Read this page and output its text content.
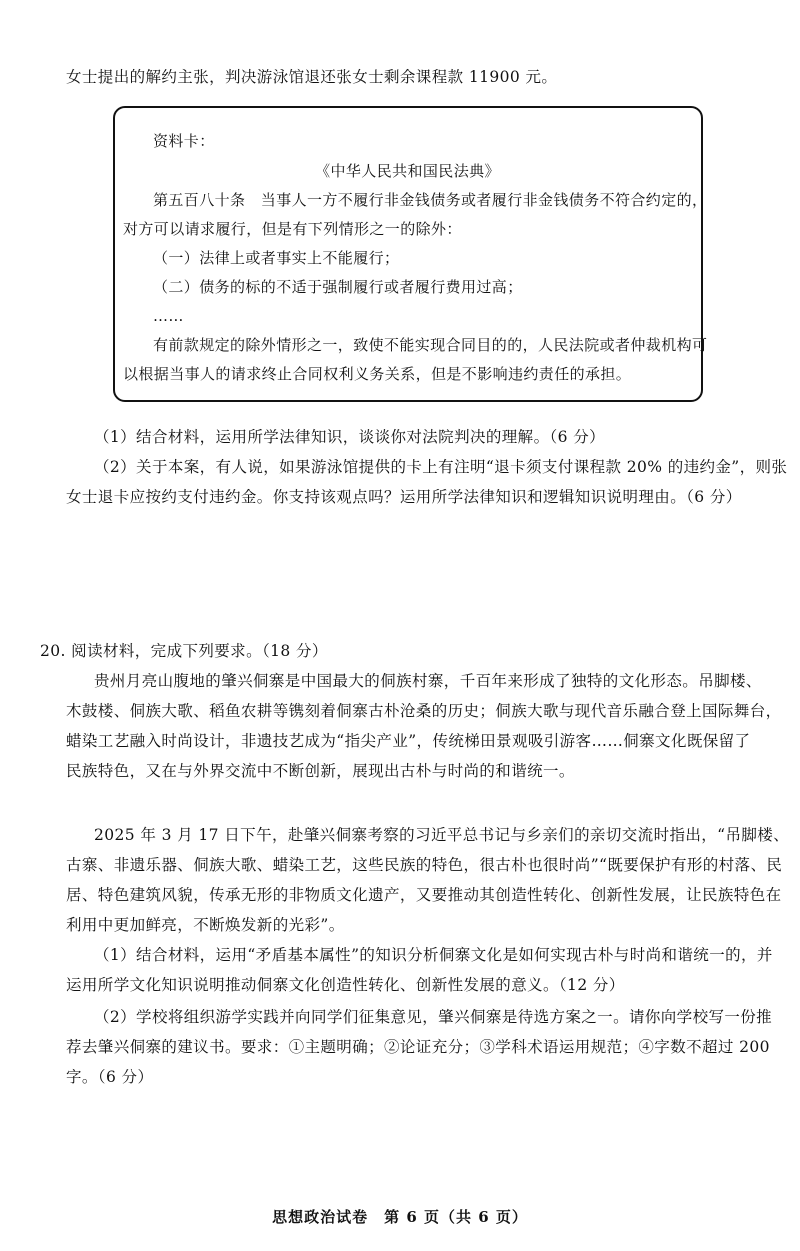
女士提出的解约主张，判决游泳馆退还张女士剩余课程款 11900 元。
资料卡：
《中华人民共和国民法典》
第五百八十条　当事人一方不履行非金钱债务或者履行非金钱债务不符合约定的，
对方可以请求履行，但是有下列情形之一的除外：
（一）法律上或者事实上不能履行；
（二）债务的标的不适于强制履行或者履行费用过高；
……
有前款规定的除外情形之一，致使不能实现合同目的的，人民法院或者仲裁机构可
以根据当事人的请求终止合同权利义务关系，但是不影响违约责任的承担。
（1）结合材料，运用所学法律知识，谈谈你对法院判决的理解。（6 分）
（2）关于本案，有人说，如果游泳馆提供的卡上有注明“退卡须支付课程款 20% 的违约金”，则张
女士退卡应按约支付违约金。你支持该观点吗？运用所学法律知识和逻辑知识说明理由。（6 分）
20. 阅读材料，完成下列要求。（18 分）
贵州月亮山腹地的肇兴侗寨是中国最大的侗族村寨，千百年来形成了独特的文化形态。吊脚楼、
木鼓楼、侗族大歌、稻鱼农耕等镌刻着侗寨古朴沧桑的历史；侗族大歌与现代音乐融合登上国际舞台，
蜡染工艺融入时尚设计，非遗技艺成为“指尖产业”，传统梯田景观吸引游客……侗寨文化既保留了
民族特色，又在与外界交流中不断创新，展现出古朴与时尚的和谐统一。
2025 年 3 月 17 日下午，赴肇兴侗寨考察的习近平总书记与乡亲们的亲切交流时指出，“吊脚楼、
古寨、非遗乐器、侗族大歌、蜡染工艺，这些民族的特色，很古朴也很时尚”“既要保护有形的村落、民
居、特色建筑风貌，传承无形的非物质文化遗产，又要推动其创造性转化、创新性发展，让民族特色在
利用中更加鲜亮，不断焕发新的光彩”。
（1）结合材料，运用“矛盾基本属性”的知识分析侗寨文化是如何实现古朴与时尚和谐统一的，并
运用所学文化知识说明推动侗寨文化创造性转化、创新性发展的意义。（12 分）
（2）学校将组织游学实践并向同学们征集意见，肇兴侗寨是待选方案之一。请你向学校写一份推
荐去肇兴侗寨的建议书。要求：①主题明确；②论证充分；③学科术语运用规范；④字数不超过 200
字。（6 分）
思想政治试卷　第 6 页（共 6 页）
